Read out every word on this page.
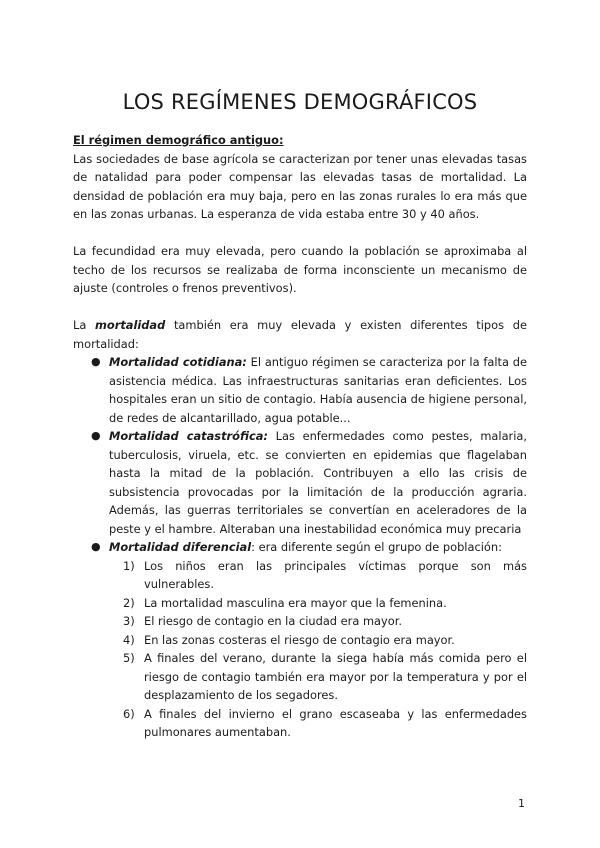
LOS REGÍMENES DEMOGRÁFICOS
El régimen demográfico antiguo:

Las sociedades de base agrícola se caracterizan por tener unas elevadas tasas de natalidad para poder compensar las elevadas tasas de mortalidad. La densidad de población era muy baja, pero en las zonas rurales lo era más que en las zonas urbanas. La esperanza de vida estaba entre 30 y 40 años.

La fecundidad era muy elevada, pero cuando la población se aproximaba al techo de los recursos se realizaba de forma inconsciente un mecanismo de ajuste (controles o frenos preventivos).

La mortalidad también era muy elevada y existen diferentes tipos de mortalidad:

● Mortalidad cotidiana: El antiguo régimen se caracteriza por la falta de asistencia médica. Las infraestructuras sanitarias eran deficientes. Los hospitales eran un sitio de contagio. Había ausencia de higiene personal, de redes de alcantarillado, agua potable...
● Mortalidad catastrófica: Las enfermedades como pestes, malaria, tuberculosis, viruela, etc. se convierten en epidemias que flagelaban hasta la mitad de la población. Contribuyen a ello las crisis de subsistencia provocadas por la limitación de la producción agraria. Además, las guerras territoriales se convertían en aceleradores de la peste y el hambre. Alteraban una inestabilidad económica muy precaria
● Mortalidad diferencial: era diferente según el grupo de población:
1) Los niños eran las principales víctimas porque son más vulnerables.
2) La mortalidad masculina era mayor que la femenina.
3) El riesgo de contagio en la ciudad era mayor.
4) En las zonas costeras el riesgo de contagio era mayor.
5) A finales del verano, durante la siega había más comida pero el riesgo de contagio también era mayor por la temperatura y por el desplazamiento de los segadores.
6) A finales del invierno el grano escaseaba y las enfermedades pulmonares aumentaban.
1
